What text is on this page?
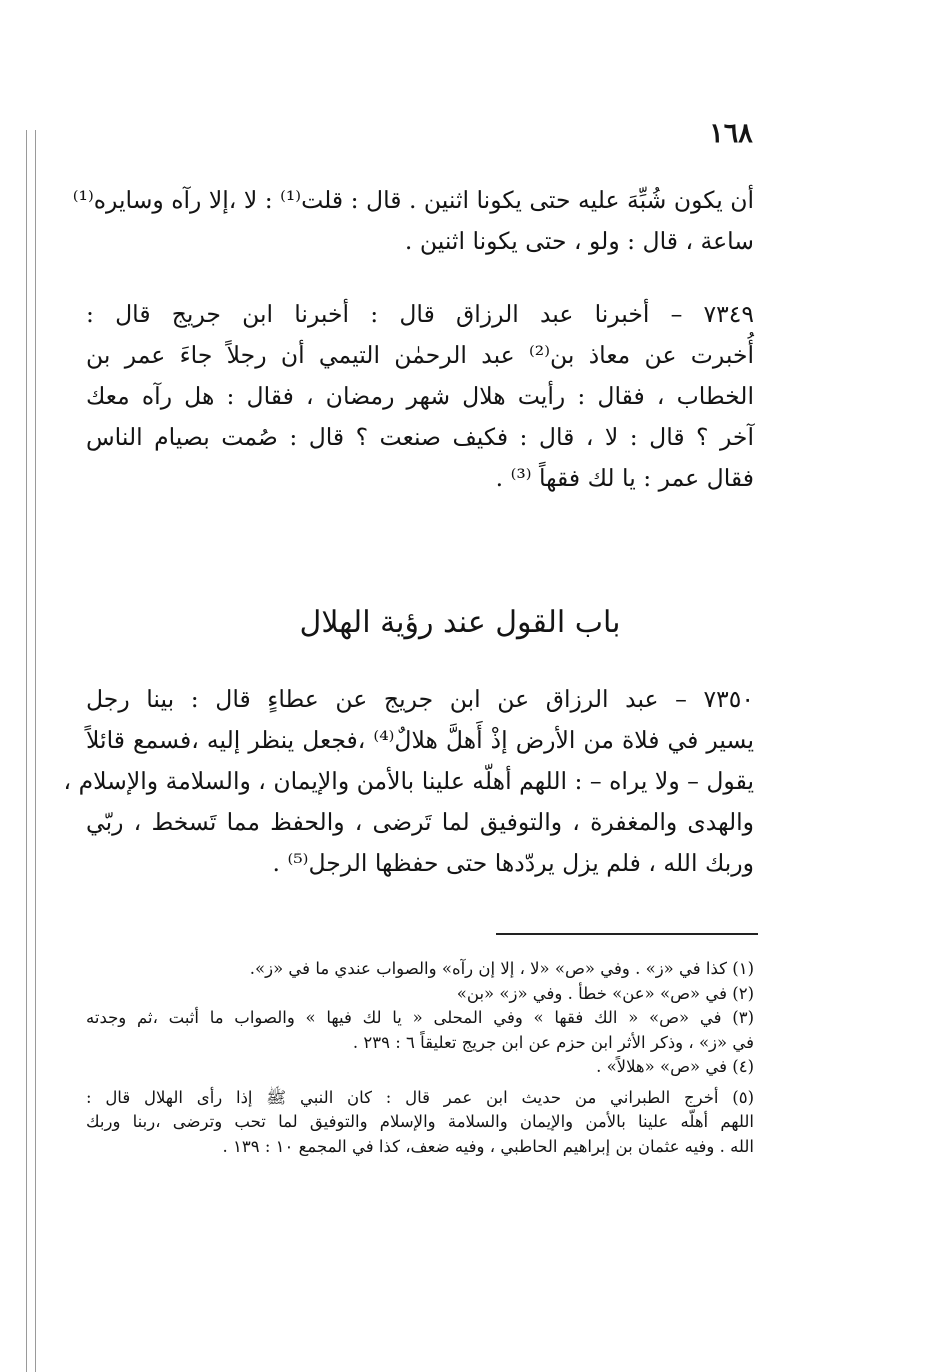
١٦٨
أن يكون شُبِّهَ عليه حتى يكونا اثنين . قال : قلت⁽¹⁾ : لا ،إلا رآه وسايره⁽¹⁾
ساعة ، قال : ولو ، حتى يكونا اثنين .
٧٣٤٩ – أخبرنا عبد الرزاق قال : أخبرنا ابن جريج قال :
أُخبرت عن معاذ بن⁽²⁾ عبد الرحمٰن التيمي أن رجلاً جاءَ عمر بن
الخطاب ، فقال : رأيت هلال شهر رمضان ، فقال : هل رآه معك
آخر ؟ قال : لا ، قال : فكيف صنعت ؟ قال : صُمت بصيام الناس
فقال عمر : يا لك فقهاً ⁽³⁾ .
باب القول عند رؤية الهلال
٧٣٥٠ – عبد الرزاق عن ابن جريج عن عطاءٍ قال : بينا رجل
يسير في فلاة من الأرض إذْ أَهلَّ هلالٌ⁽⁴⁾ ،فجعل ينظر إليه ،فسمع قائلاً
يقول – ولا يراه – : اللهم أهلّه علينا بالأمن والإيمان ، والسلامة والإسلام ،
والهدى والمغفرة ، والتوفيق لما تَرضى ، والحفظ مما تَسخط ، ربّي
وربك الله ، فلم يزل يردّدها حتى حفظها الرجل⁽⁵⁾ .
(١) كذا في «ز» . وفي «ص» «لا ، إلا إن رآه» والصواب عندي ما في «ز».
(٢) في «ص» «عن» خطأ . وفي «ز» «بن»
(٣) في «ص» « الك فقها » وفي المحلى « يا لك فيها » والصواب ما أثبت ،ثم وجدته
في «ز» ، وذكر الأثر ابن حزم عن ابن جريج تعليقاً ٦ : ٢٣٩ .
(٤) في «ص» «هلالاً» .
(٥) أخرج الطبراني من حديث ابن عمر قال : كان النبي ﷺ إذا رأى الهلال قال :
اللهم أهلّه علينا بالأمن والإيمان والسلامة والإسلام والتوفيق لما تحب وترضى ،ربنا وربك
الله . وفيه عثمان بن إبراهيم الحاطبي ، وفيه ضعف، كذا في المجمع ١٠ : ١٣٩ .
